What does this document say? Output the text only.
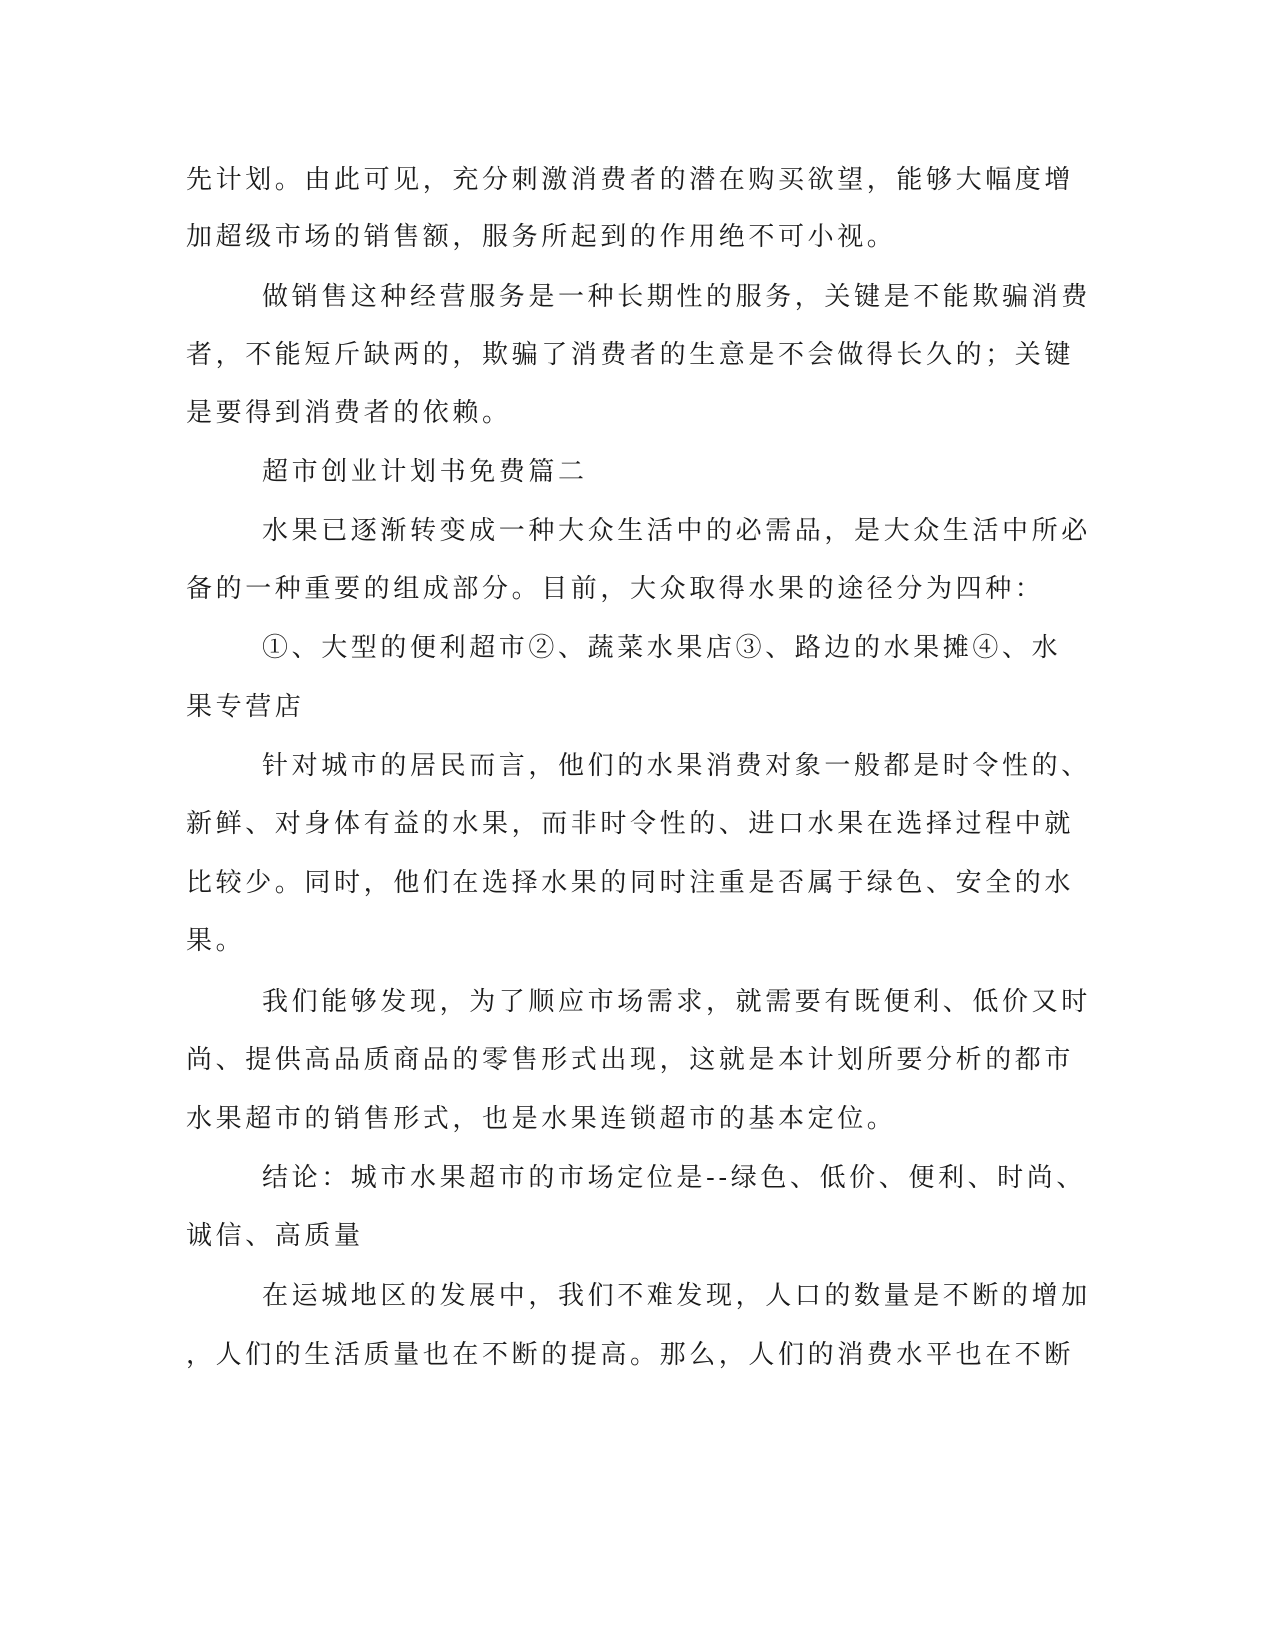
先计划。由此可见，充分刺激消费者的潜在购买欲望，能够大幅度增

加超级市场的销售额，服务所起到的作用绝不可小视。

做销售这种经营服务是一种长期性的服务，关键是不能欺骗消费

者，不能短斤缺两的，欺骗了消费者的生意是不会做得长久的；关键

是要得到消费者的依赖。

超市创业计划书免费篇二

水果已逐渐转变成一种大众生活中的必需品，是大众生活中所必

备的一种重要的组成部分。目前，大众取得水果的途径分为四种：

①、大型的便利超市②、蔬菜水果店③、路边的水果摊④、水

果专营店

针对城市的居民而言，他们的水果消费对象一般都是时令性的、

新鲜、对身体有益的水果，而非时令性的、进口水果在选择过程中就

比较少。同时，他们在选择水果的同时注重是否属于绿色、安全的水

果。

我们能够发现，为了顺应市场需求，就需要有既便利、低价又时

尚、提供高品质商品的零售形式出现，这就是本计划所要分析的都市

水果超市的销售形式，也是水果连锁超市的基本定位。

结论：城市水果超市的市场定位是--绿色、低价、便利、时尚、

诚信、高质量

在运城地区的发展中，我们不难发现，人口的数量是不断的增加

，人们的生活质量也在不断的提高。那么，人们的消费水平也在不断
